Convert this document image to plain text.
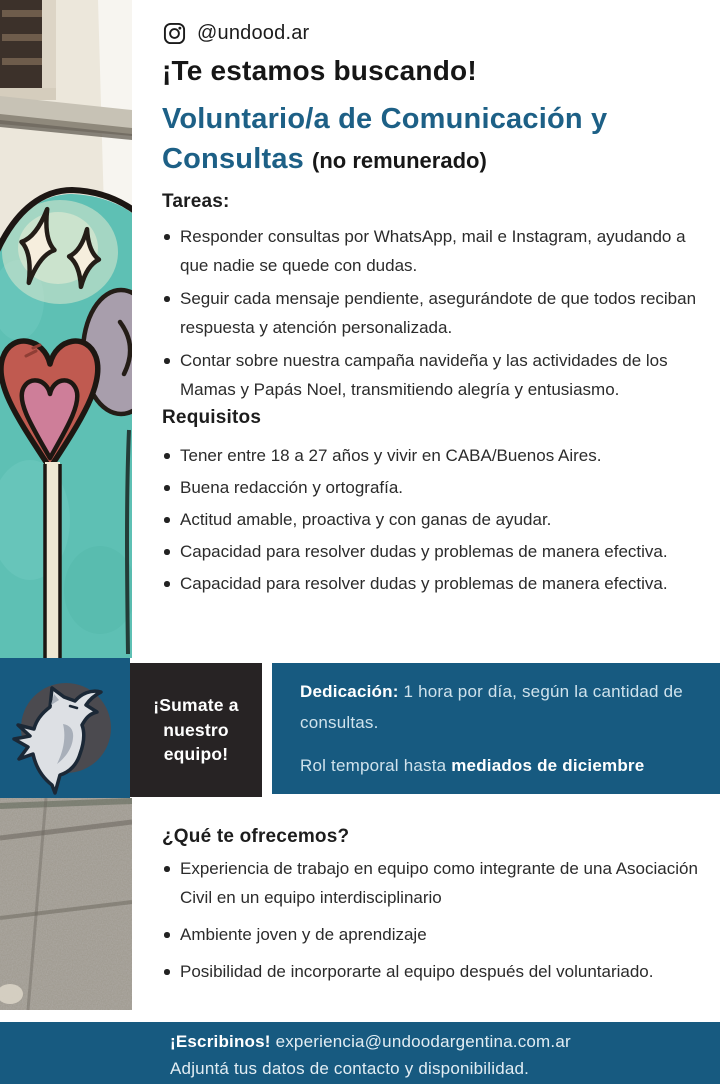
@undood.ar
¡Te estamos buscando!
Voluntario/a de Comunicación y
Consultas (no remunerado)
Tareas:
Responder consultas por WhatsApp, mail e Instagram, ayudando a que nadie se quede con dudas.
Seguir cada mensaje pendiente, asegurándote de que todos reciban respuesta y atención personalizada.
Contar sobre nuestra campaña navideña y las actividades de los Mamas y Papás Noel, transmitiendo alegría y entusiasmo.
Requisitos
Tener entre 18 a 27 años y vivir en CABA/Buenos Aires.
Buena redacción y ortografía.
Actitud amable, proactiva y con ganas de ayudar.
Capacidad para resolver dudas y problemas de manera efectiva.
Capacidad para resolver dudas y problemas de manera efectiva.
¡Sumate a nuestro equipo!
Dedicación: 1 hora por día, según la cantidad de consultas.
Rol temporal hasta mediados de diciembre
¿Qué te ofrecemos?
Experiencia de trabajo en equipo como integrante de una Asociación Civil en un equipo interdisciplinario
Ambiente joven y de aprendizaje
Posibilidad de incorporarte al equipo después del voluntariado.
¡Escribinos! experiencia@undoodargentina.com.ar
Adjuntá tus datos de contacto y disponibilidad.
